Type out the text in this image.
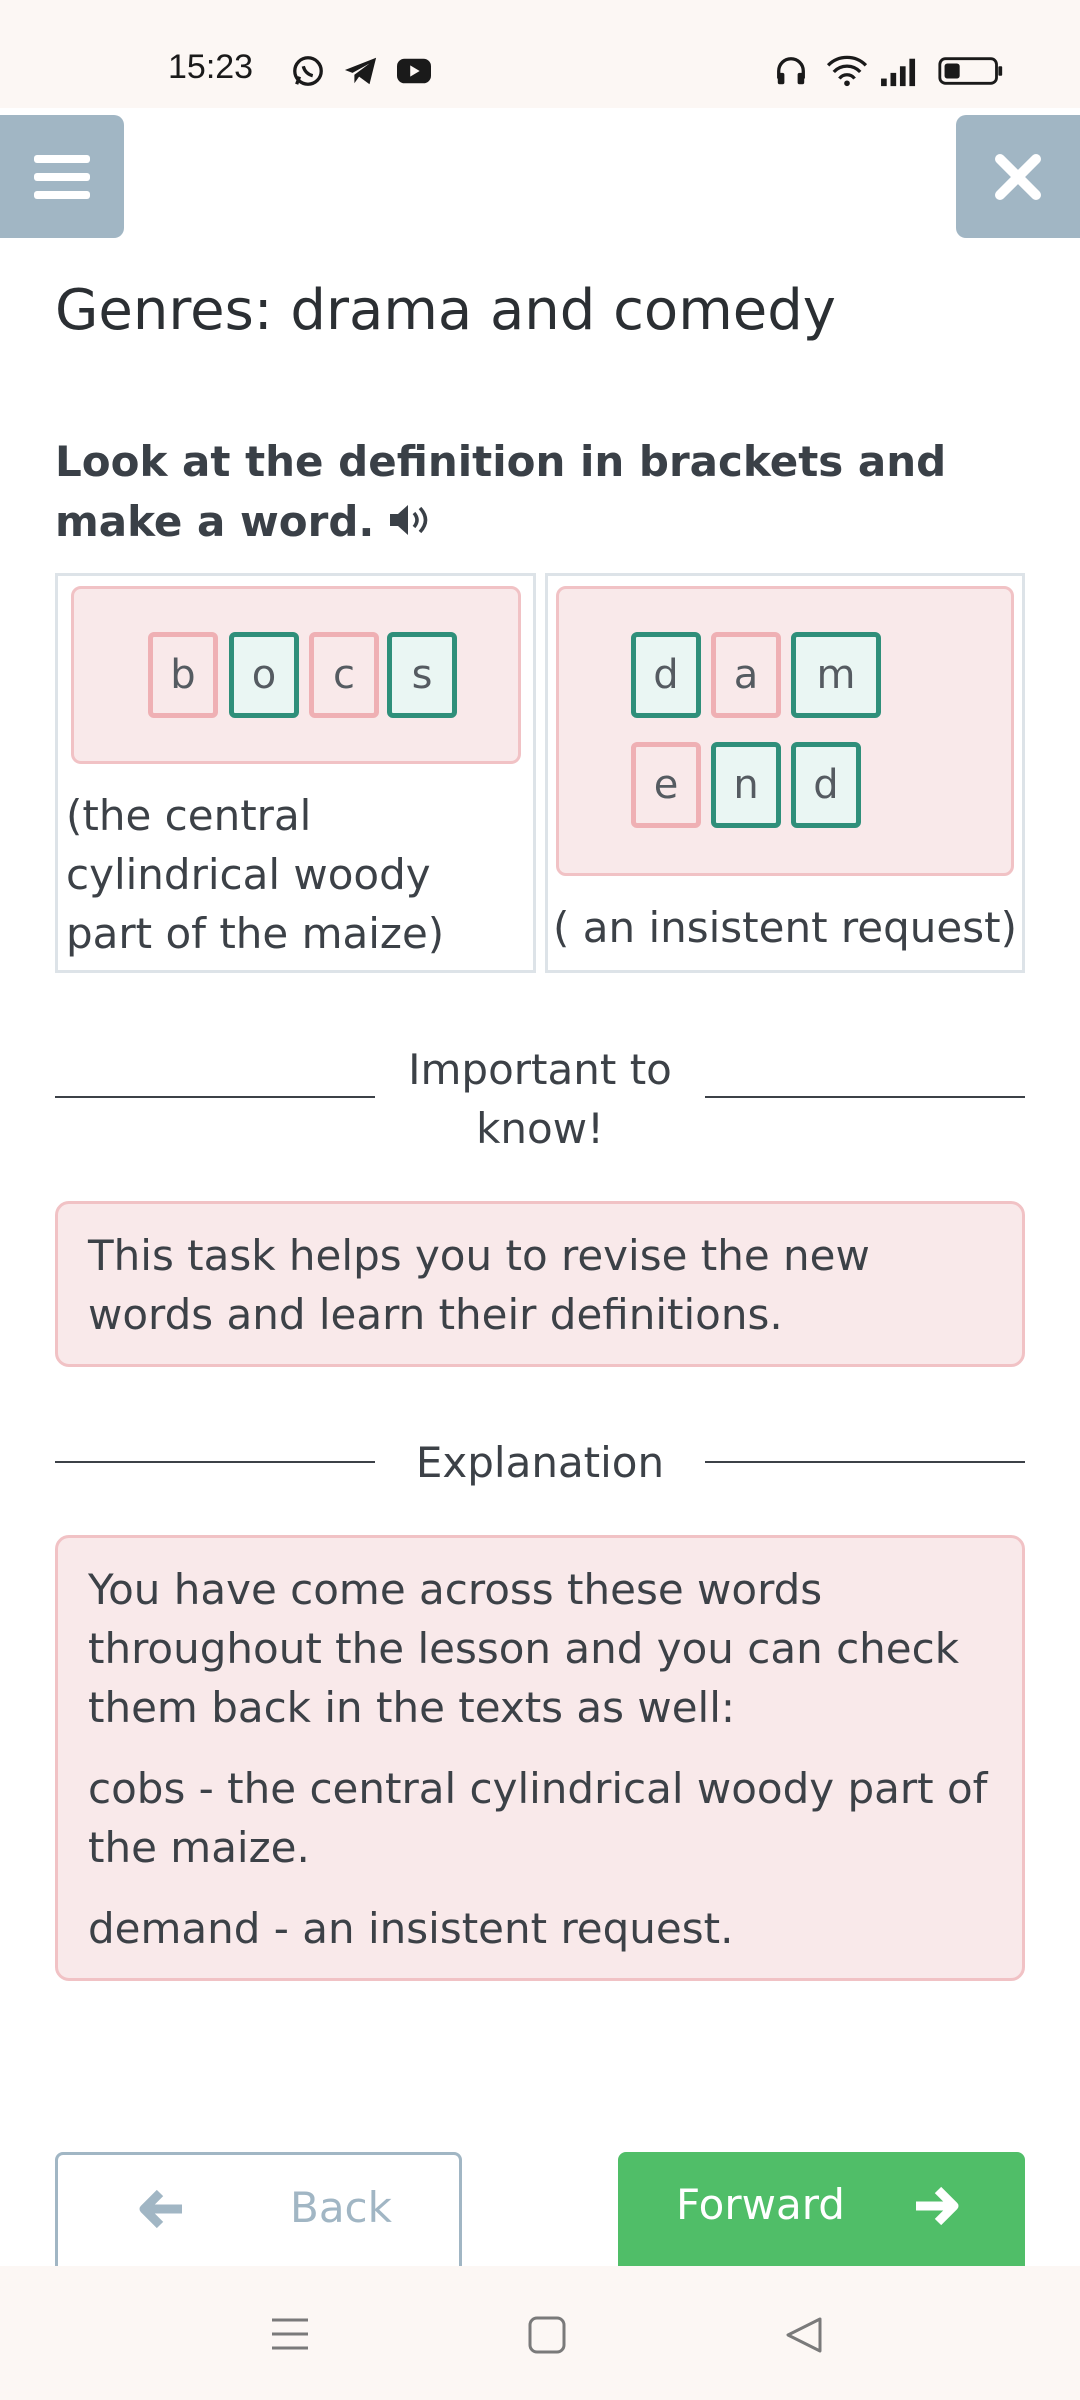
15:23
Genres: drama and comedy
Look at the definition in brackets and make a word.
b o c s
(the central cylindrical woody part of the maize)
d a m
e n d
( an insistent request)
Important to know!

This task helps you to revise the new words and learn their definitions.

Explanation

You have come across these words throughout the lesson and you can check them back in the texts as well:

cobs - the central cylindrical woody part of the maize.

demand - an insistent request.

Back	Forward
